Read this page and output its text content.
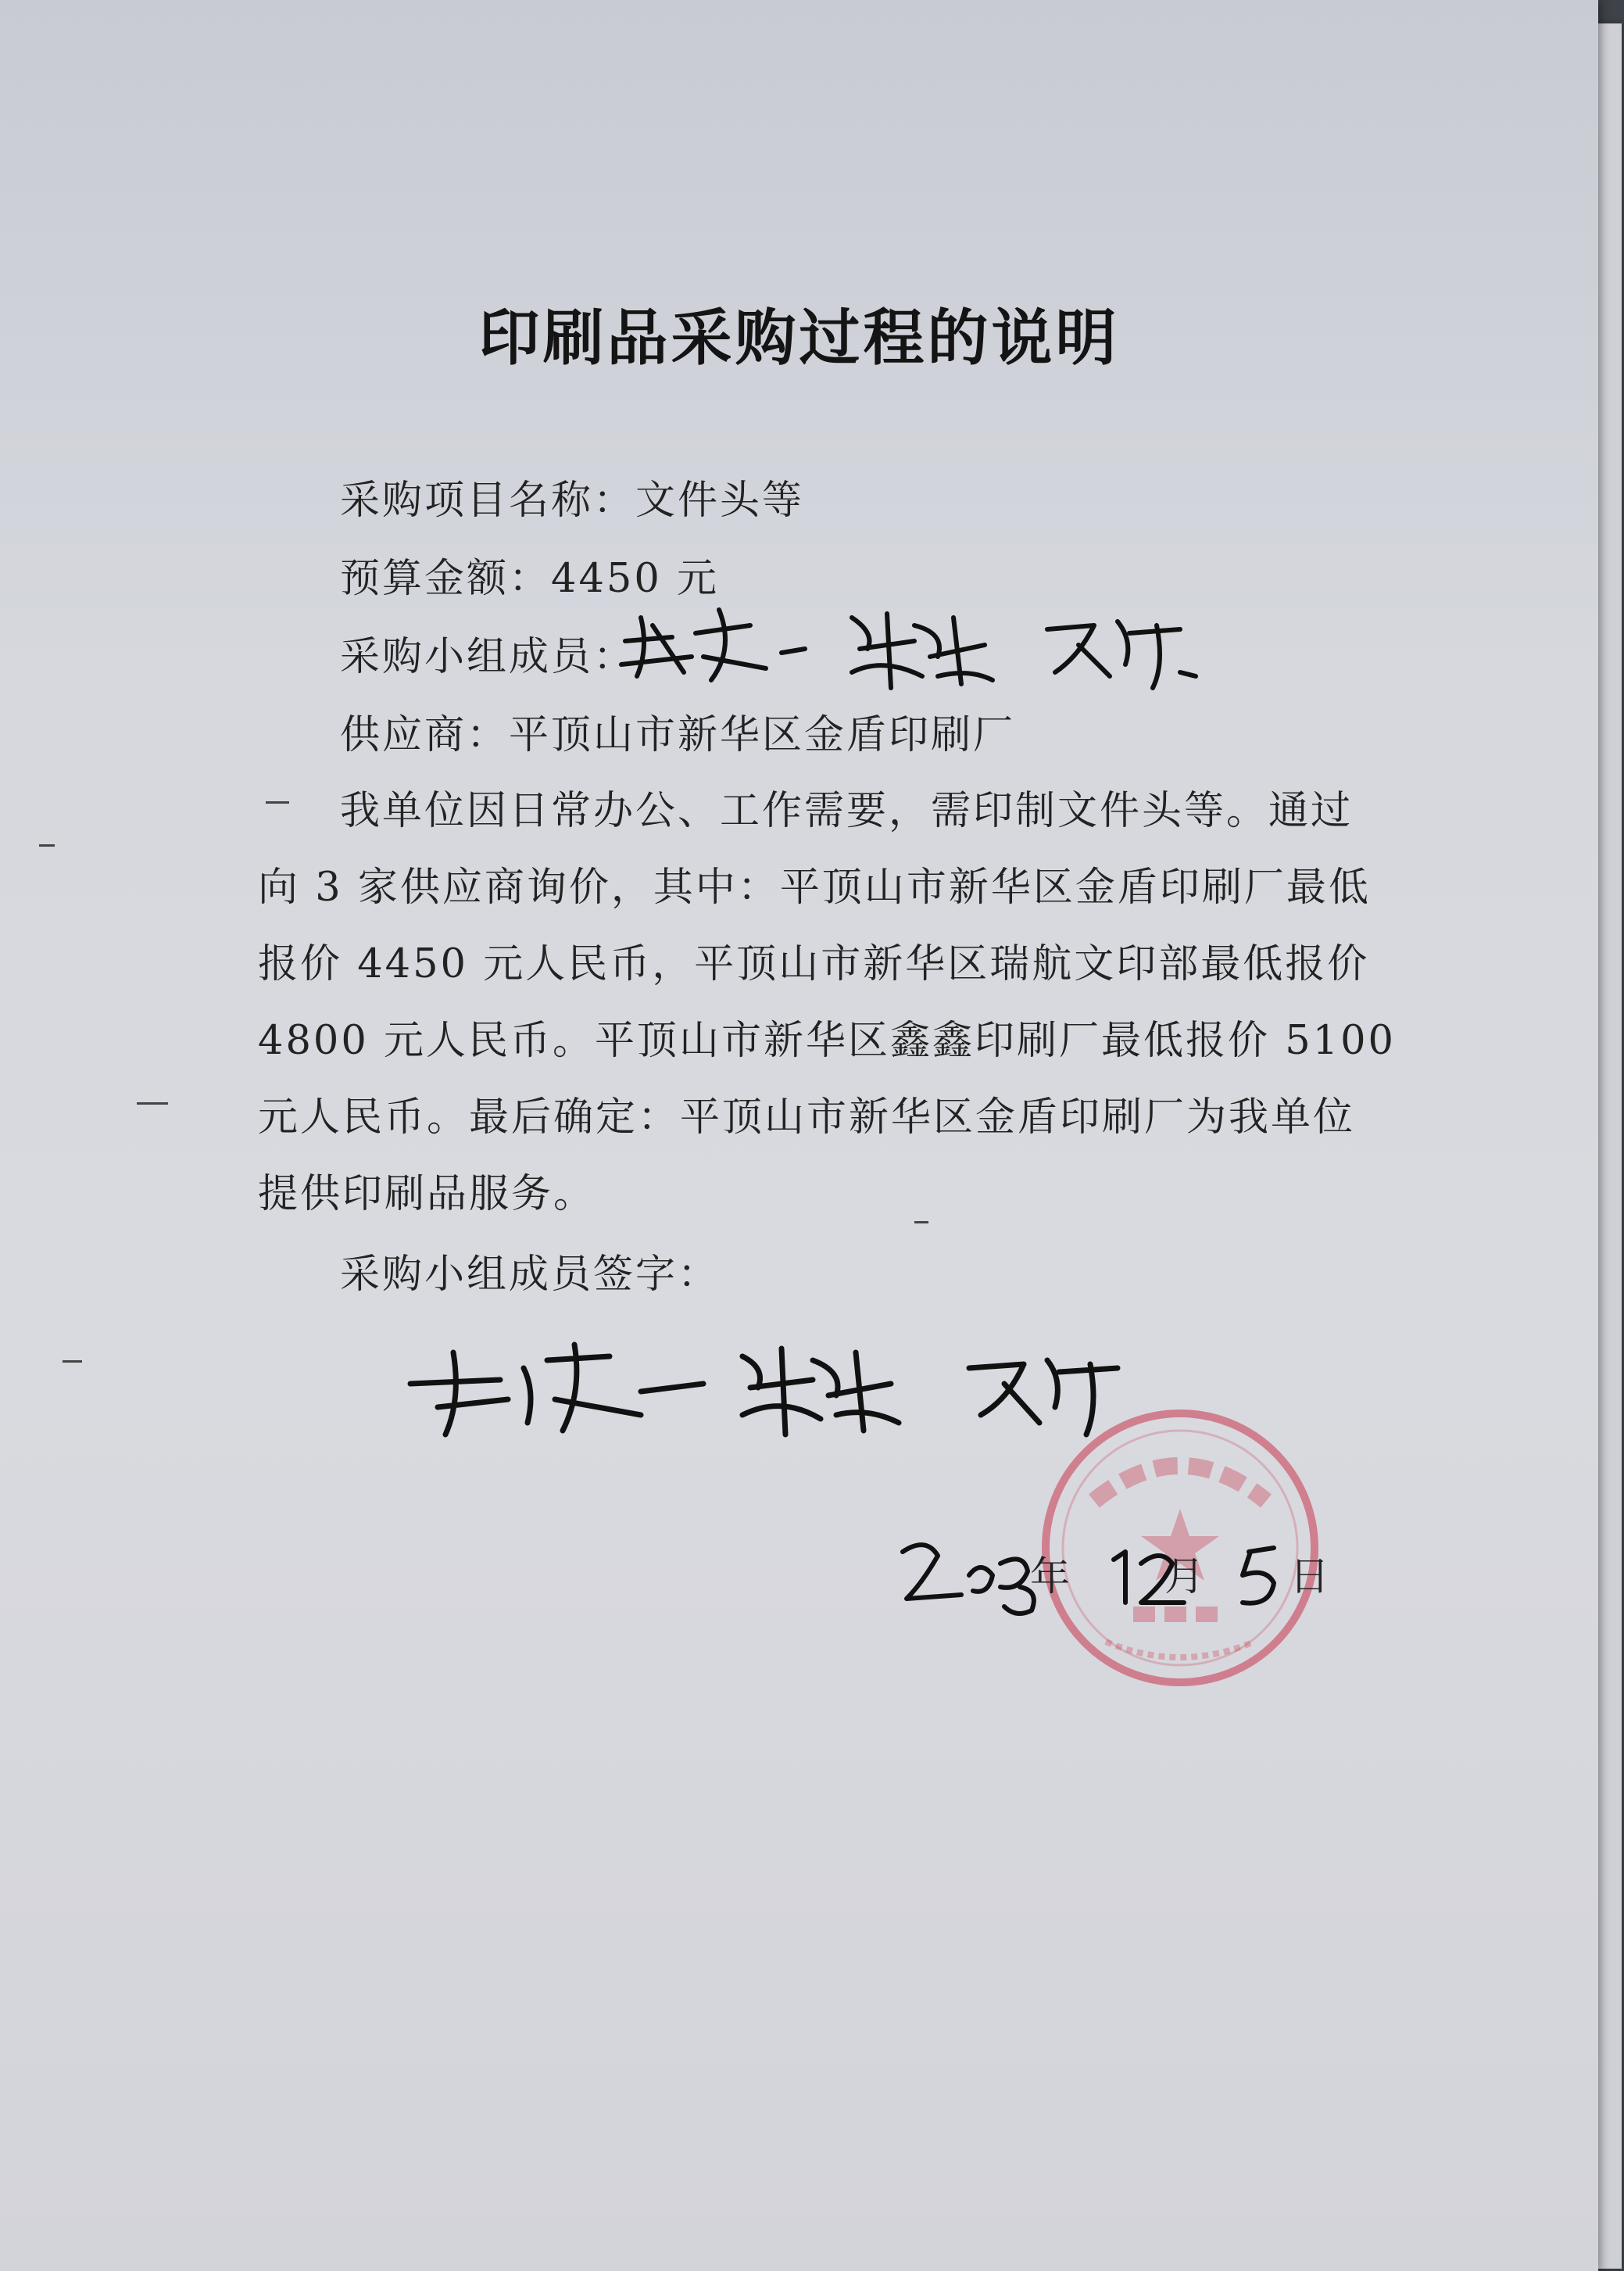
印刷品采购过程的说明
采购项目名称：文件头等
预算金额：4450 元
采购小组成员：
供应商：平顶山市新华区金盾印刷厂
我单位因日常办公、工作需要，需印制文件头等。通过
向 3 家供应商询价，其中：平顶山市新华区金盾印刷厂最低
报价 4450 元人民币，平顶山市新华区瑞航文印部最低报价
4800 元人民币。平顶山市新华区鑫鑫印刷厂最低报价 5100
元人民币。最后确定：平顶山市新华区金盾印刷厂为我单位
提供印刷品服务。
采购小组成员签字：
年 月 日
